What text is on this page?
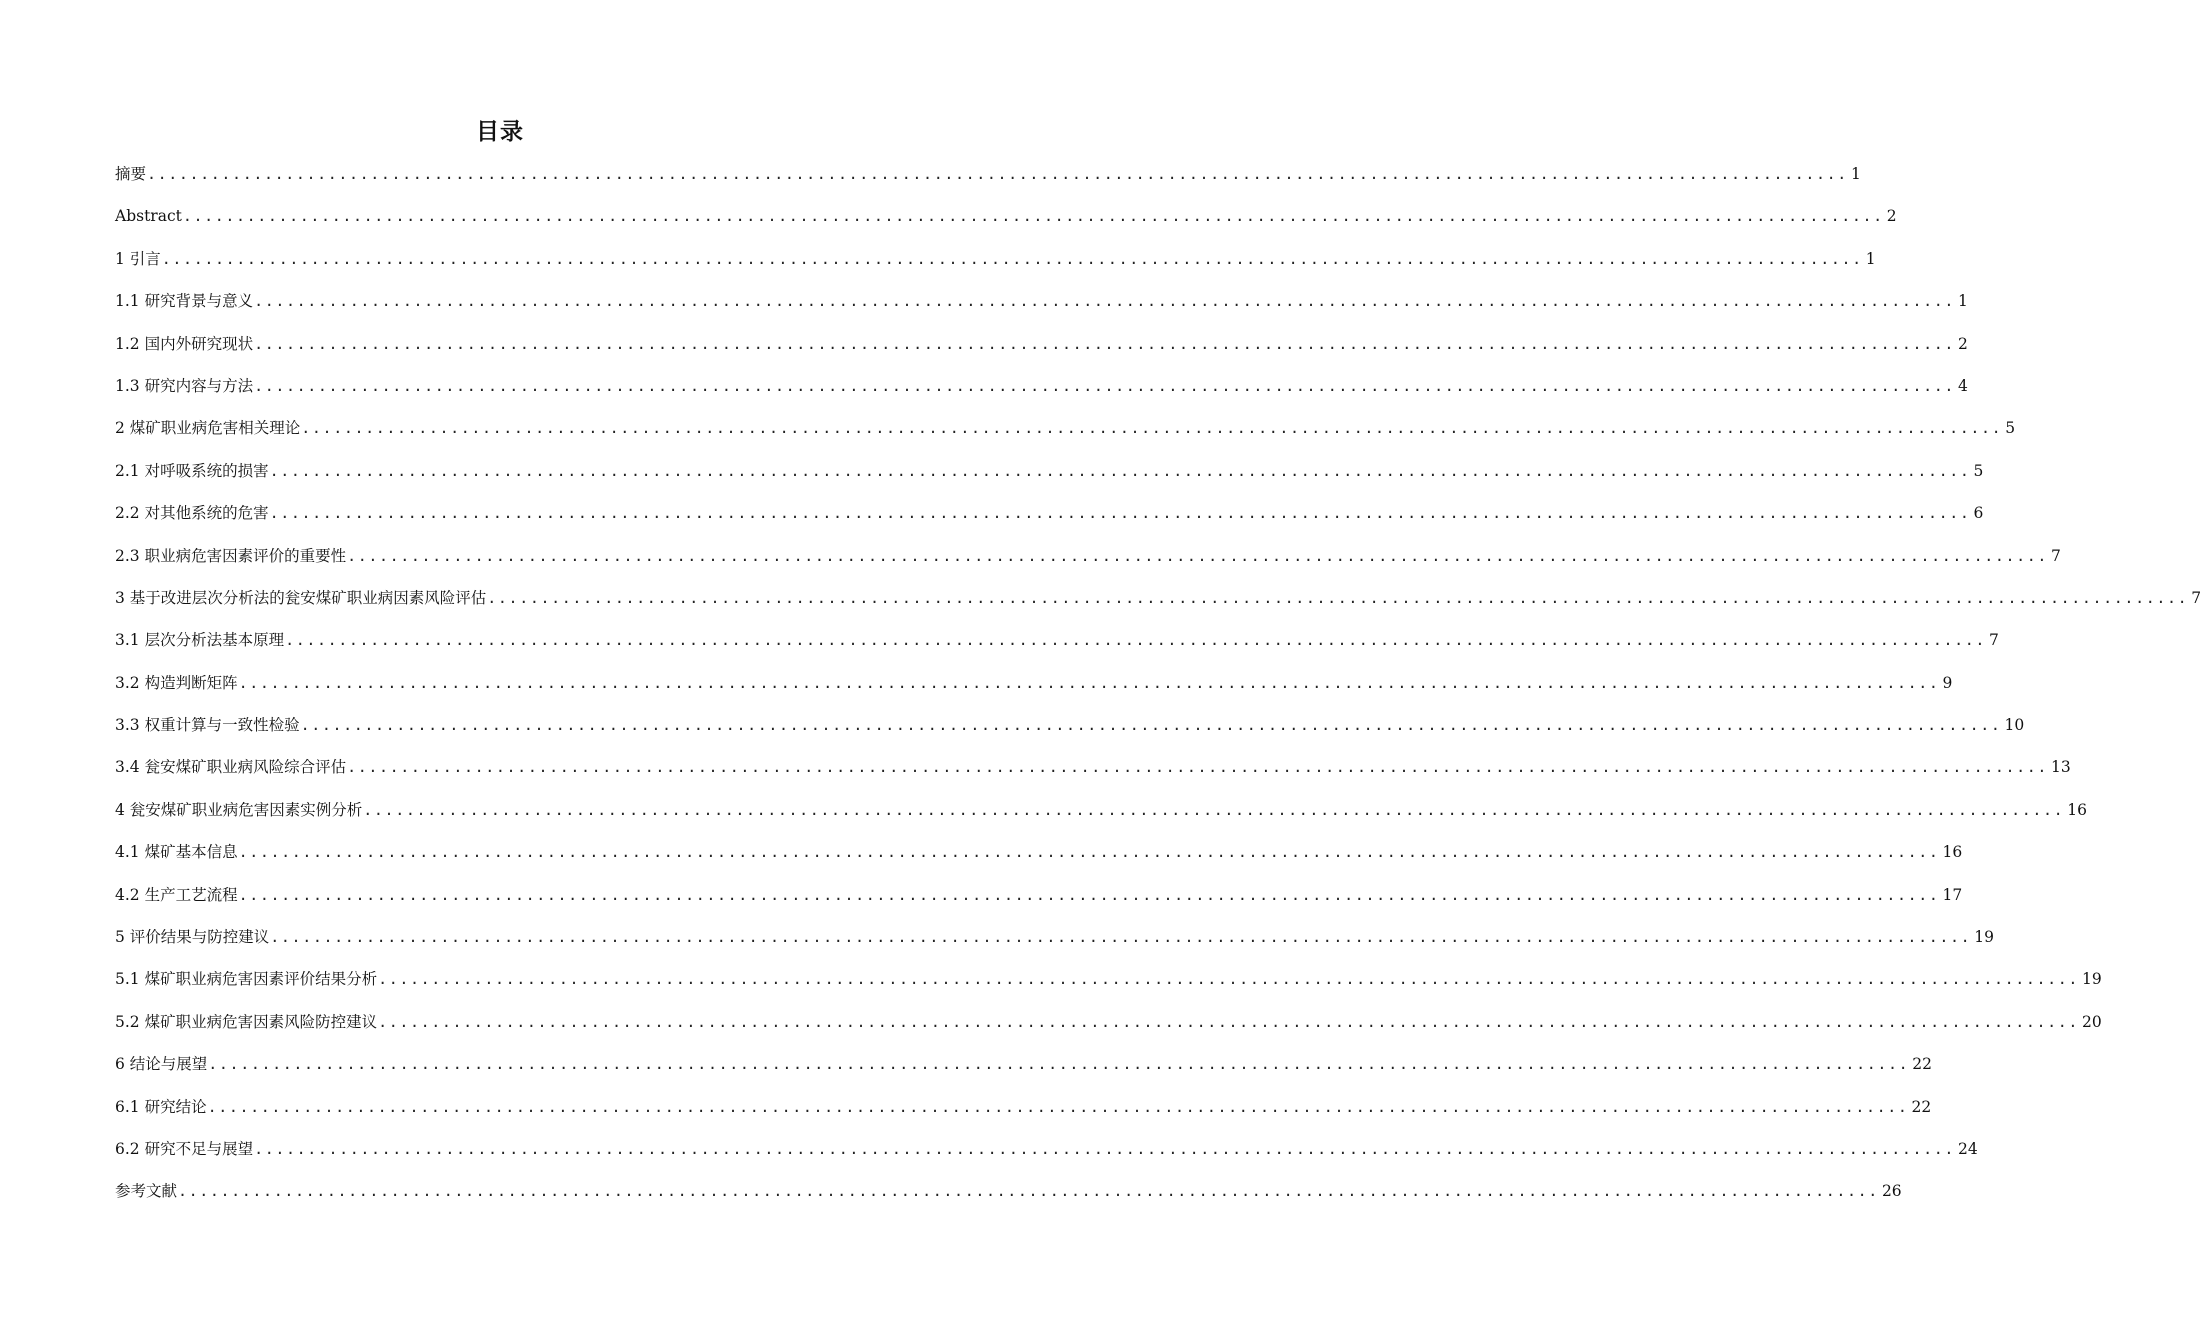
目录
摘要 ................................................................................................................................................................ 1
Abstract ................................................................................................................................................................ 2
1 引言 ................................................................................................................................................................ 1
1.1 研究背景与意义 ................................................................................................................................................................ 1
1.2 国内外研究现状 ................................................................................................................................................................ 2
1.3 研究内容与方法 ................................................................................................................................................................ 4
2 煤矿职业病危害相关理论 ................................................................................................................................................................ 5
2.1 对呼吸系统的损害 ................................................................................................................................................................ 5
2.2 对其他系统的危害 ................................................................................................................................................................ 6
2.3 职业病危害因素评价的重要性 ................................................................................................................................................................ 7
3 基于改进层次分析法的瓮安煤矿职业病因素风险评估 ................................................................................................................................................................ 7
3.1 层次分析法基本原理 ................................................................................................................................................................ 7
3.2 构造判断矩阵 ................................................................................................................................................................ 9
3.3 权重计算与一致性检验 ................................................................................................................................................................ 10
3.4 瓮安煤矿职业病风险综合评估 ................................................................................................................................................................ 13
4 瓮安煤矿职业病危害因素实例分析 ................................................................................................................................................................ 16
4.1 煤矿基本信息 ................................................................................................................................................................ 16
4.2 生产工艺流程 ................................................................................................................................................................ 17
5 评价结果与防控建议 ................................................................................................................................................................ 19
5.1 煤矿职业病危害因素评价结果分析 ................................................................................................................................................................ 19
5.2 煤矿职业病危害因素风险防控建议 ................................................................................................................................................................ 20
6 结论与展望 ................................................................................................................................................................ 22
6.1 研究结论 ................................................................................................................................................................ 22
6.2 研究不足与展望 ................................................................................................................................................................ 24
参考文献 ................................................................................................................................................................ 26
